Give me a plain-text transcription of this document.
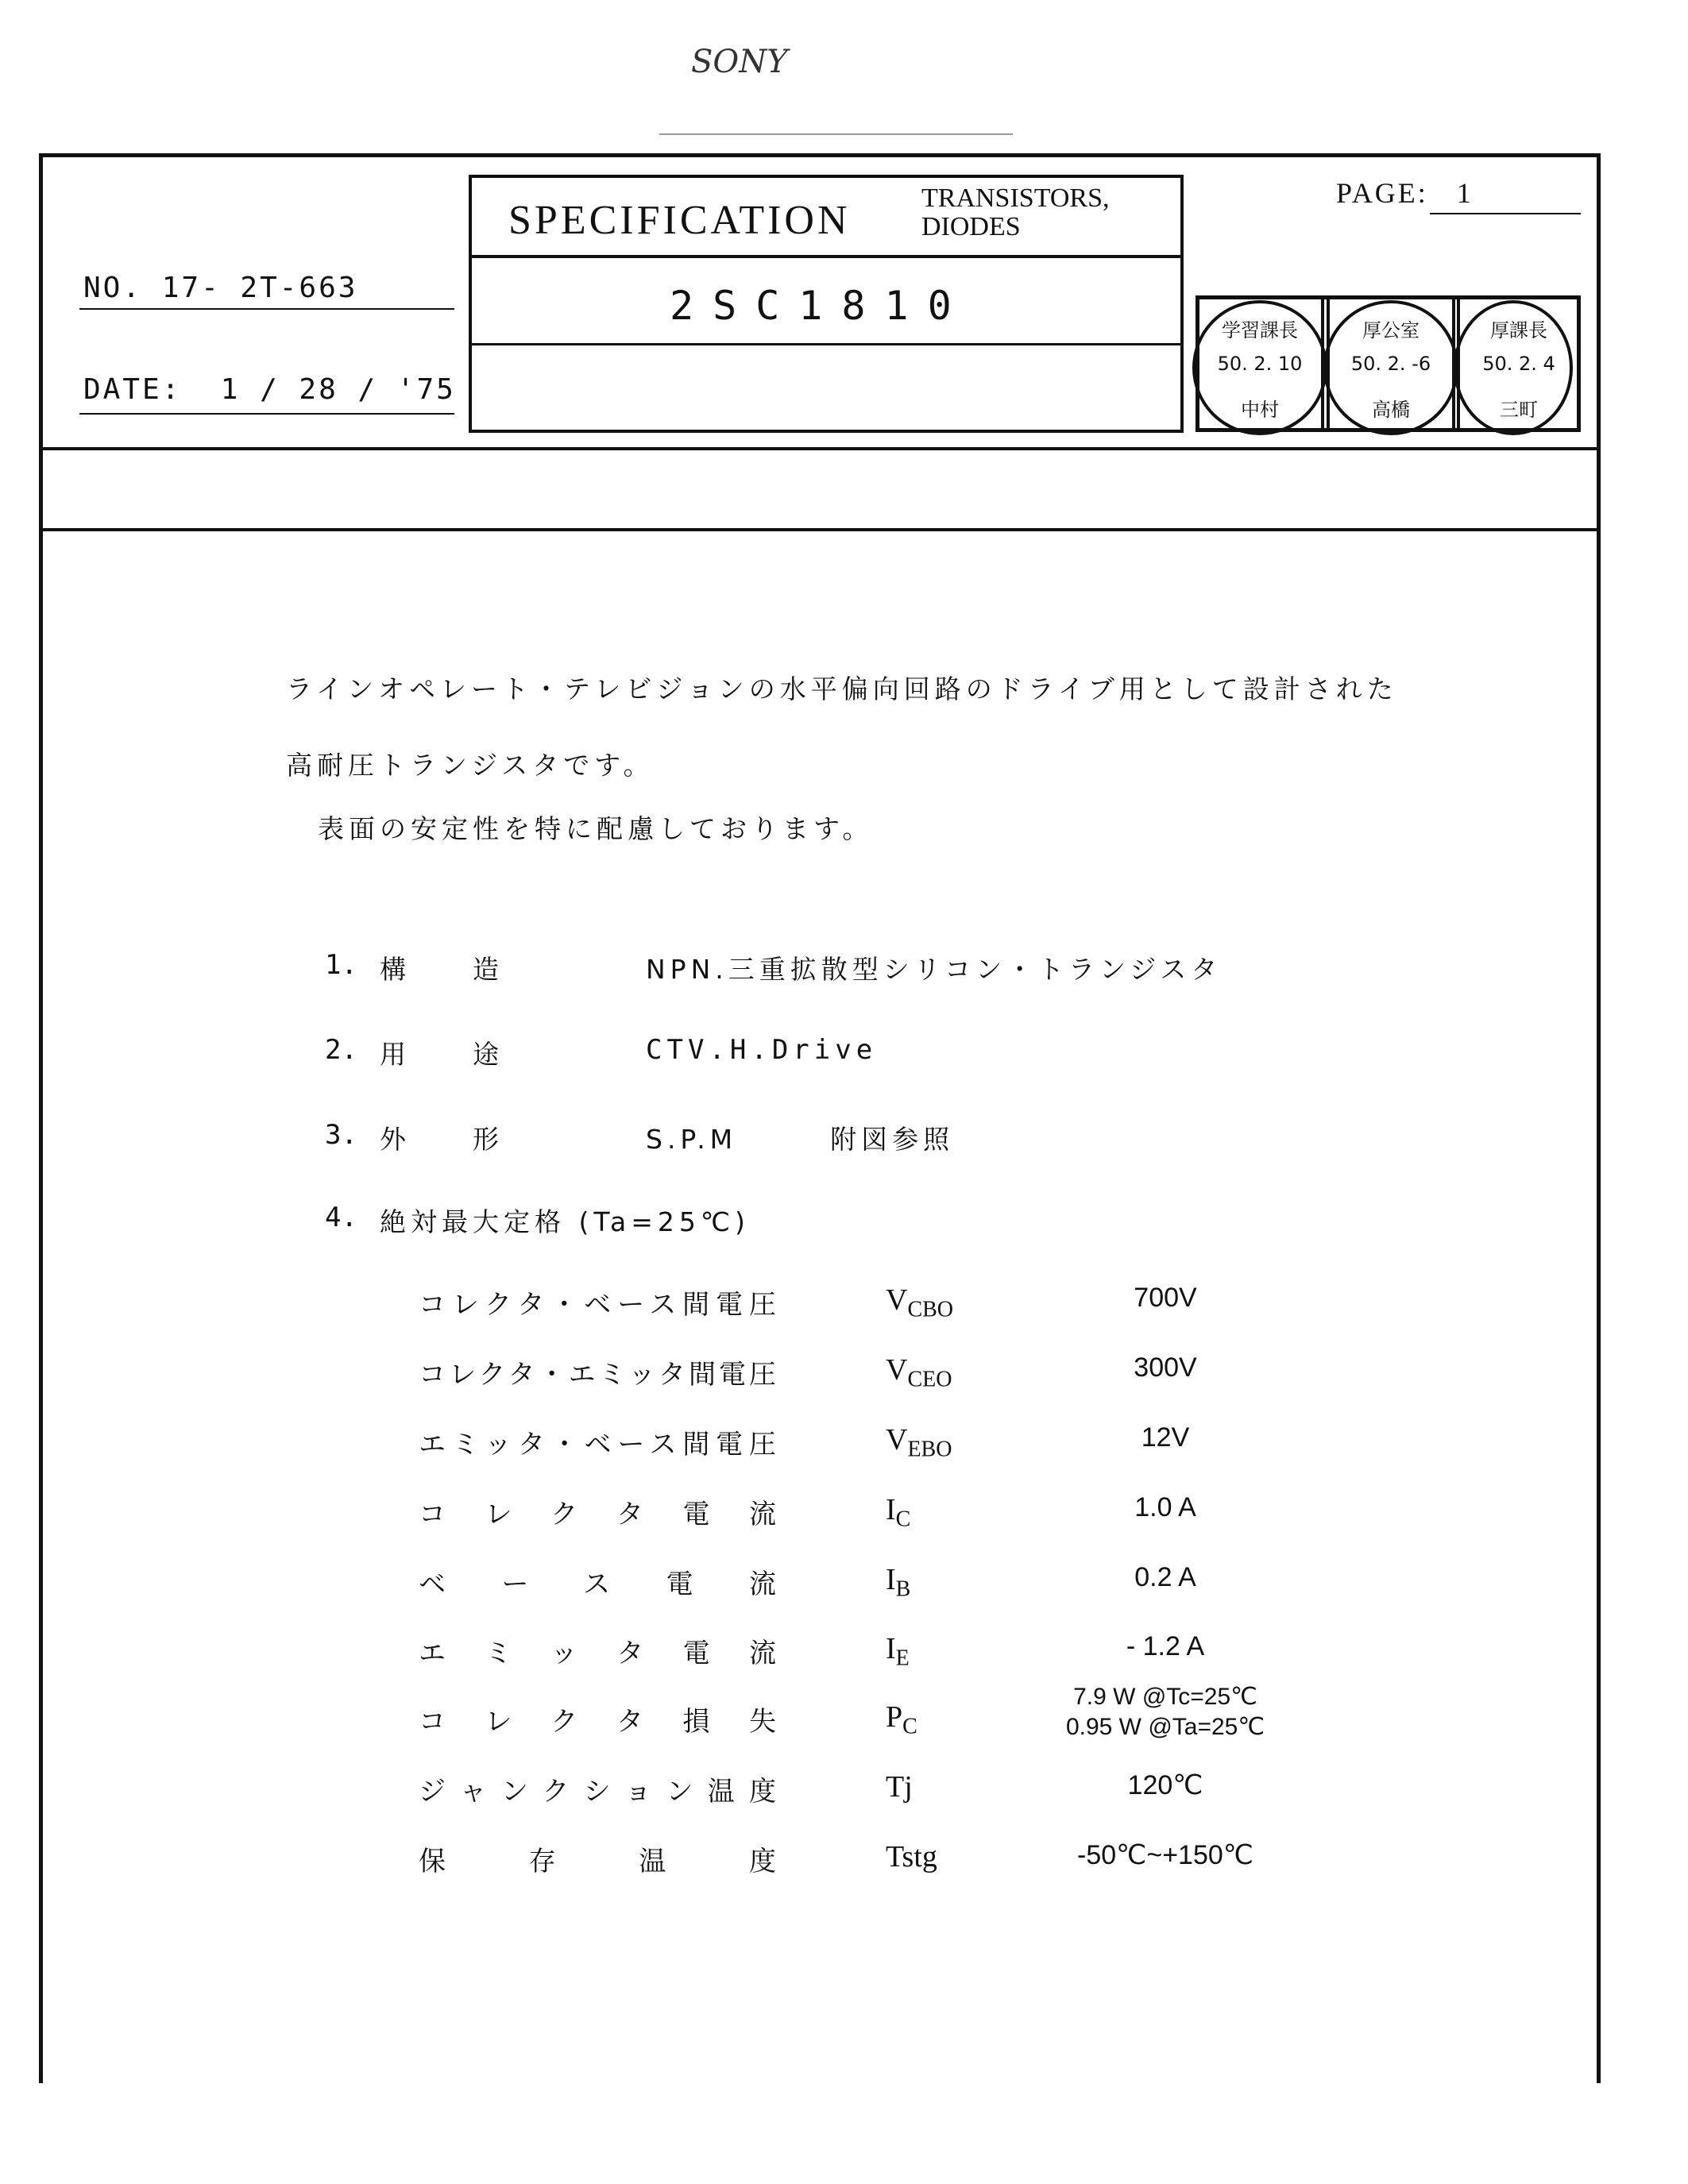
SONY
SPECIFICATION	TRANSISTORS,
DIODES
2SC1810
NO. 17- 2T-663
DATE: 1 / 28 / '75
PAGE: 1
学習課長
50. 2. 10
中村
厚公室
50. 2. -6
高橋
厚課長
50. 2. 4
三町
ラインオペレート・テレビジョンの水平偏向回路のドライブ用として設計された
高耐圧トランジスタです。
表面の安定性を特に配慮しております。
1. 構　　造	NPN.三重拡散型シリコン・トランジスタ
2. 用　　途	CTV.H.Drive
3. 外　　形	S.P.M　　　附図参照
4. 絶対最大定格 (Ta=25℃)
コレクタ・ベース間電圧	$V_{CBO}$	700V
コレクタ・エミッタ間電圧	$V_{CEO}$	300V
エミッタ・ベース間電圧	$V_{EBO}$	12V
コレクタ電流	$I_C$	1.0 A
ベース電流	$I_B$	0.2 A
エミッタ電流	$I_E$	- 1.2 A
コレクタ損失	$P_C$
7.9 W @Tc=25℃
0.95 W @Ta=25℃
ジャンクション温度	Tj	120℃
保存温度	Tstg	-50℃~+150℃
